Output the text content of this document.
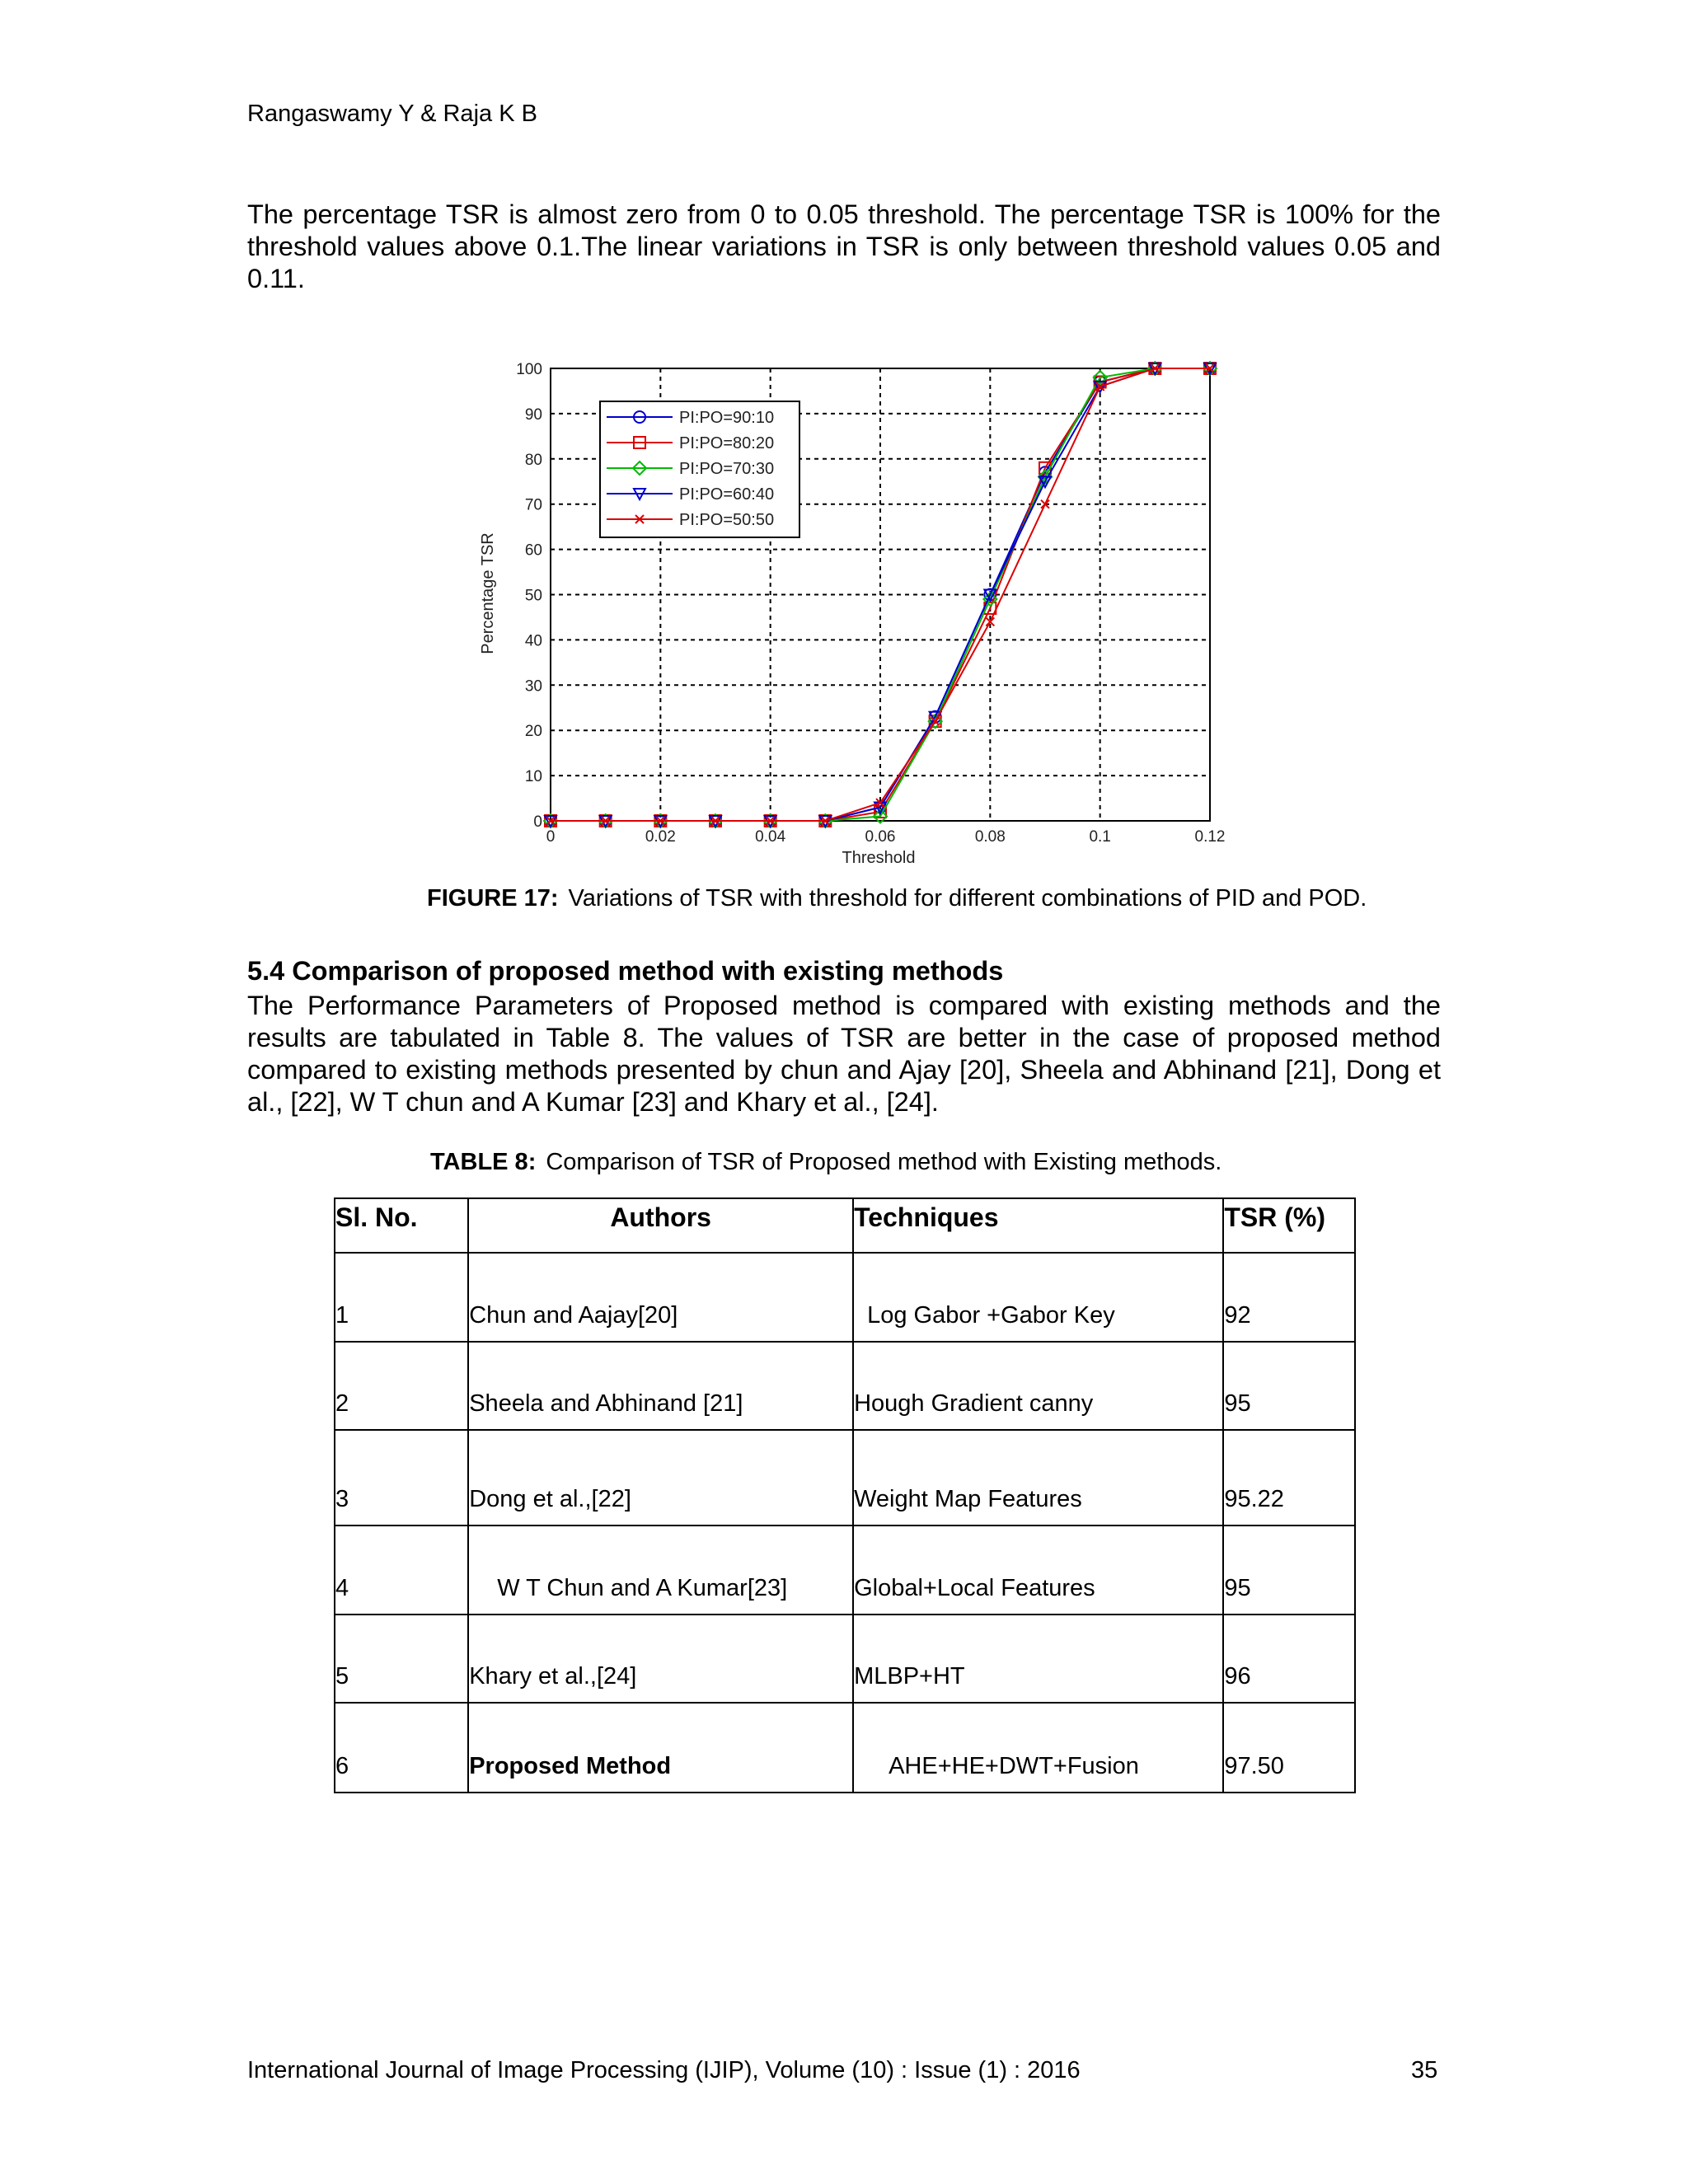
Rangaswamy Y & Raja K B
The percentage TSR is almost zero from 0 to 0.05 threshold. The percentage TSR is 100% for the threshold values above 0.1.The linear variations in TSR is only between threshold values 0.05 and 0.11.
0	0.02	0.04	0.06	0.08	0.1	0.12
0
10
20
30
40
50
60
70
80
90
100
Threshold
Percentage TSR
PI:PO=90:10
PI:PO=80:20
PI:PO=70:30
PI:PO=60:40
PI:PO=50:50
FIGURE 17: Variations of TSR with threshold for different combinations of PID and POD.
5.4 Comparison of proposed method with existing methods
The Performance Parameters of Proposed method is compared with existing methods and the results are tabulated in Table 8. The values of TSR are better in the case of proposed method compared to existing methods presented by chun and Ajay [20], Sheela and Abhinand [21], Dong et al., [22], W T chun and A Kumar [23] and Khary et al., [24].
TABLE 8: Comparison of TSR of Proposed method with Existing methods.
Sl. No.	Authors	Techniques	TSR (%)
1	Chun and Aajay[20]	Log Gabor +Gabor Key	92
2	Sheela and Abhinand [21]	Hough Gradient canny	95
3	Dong et al.,[22]	Weight Map Features	95.22
4	W T Chun and A Kumar[23]	Global+Local Features	95
5	Khary et al.,[24]	MLBP+HT	96
6	Proposed Method	AHE+HE+DWT+Fusion	97.50
International Journal of Image Processing (IJIP), Volume (10) : Issue (1) : 2016	35
